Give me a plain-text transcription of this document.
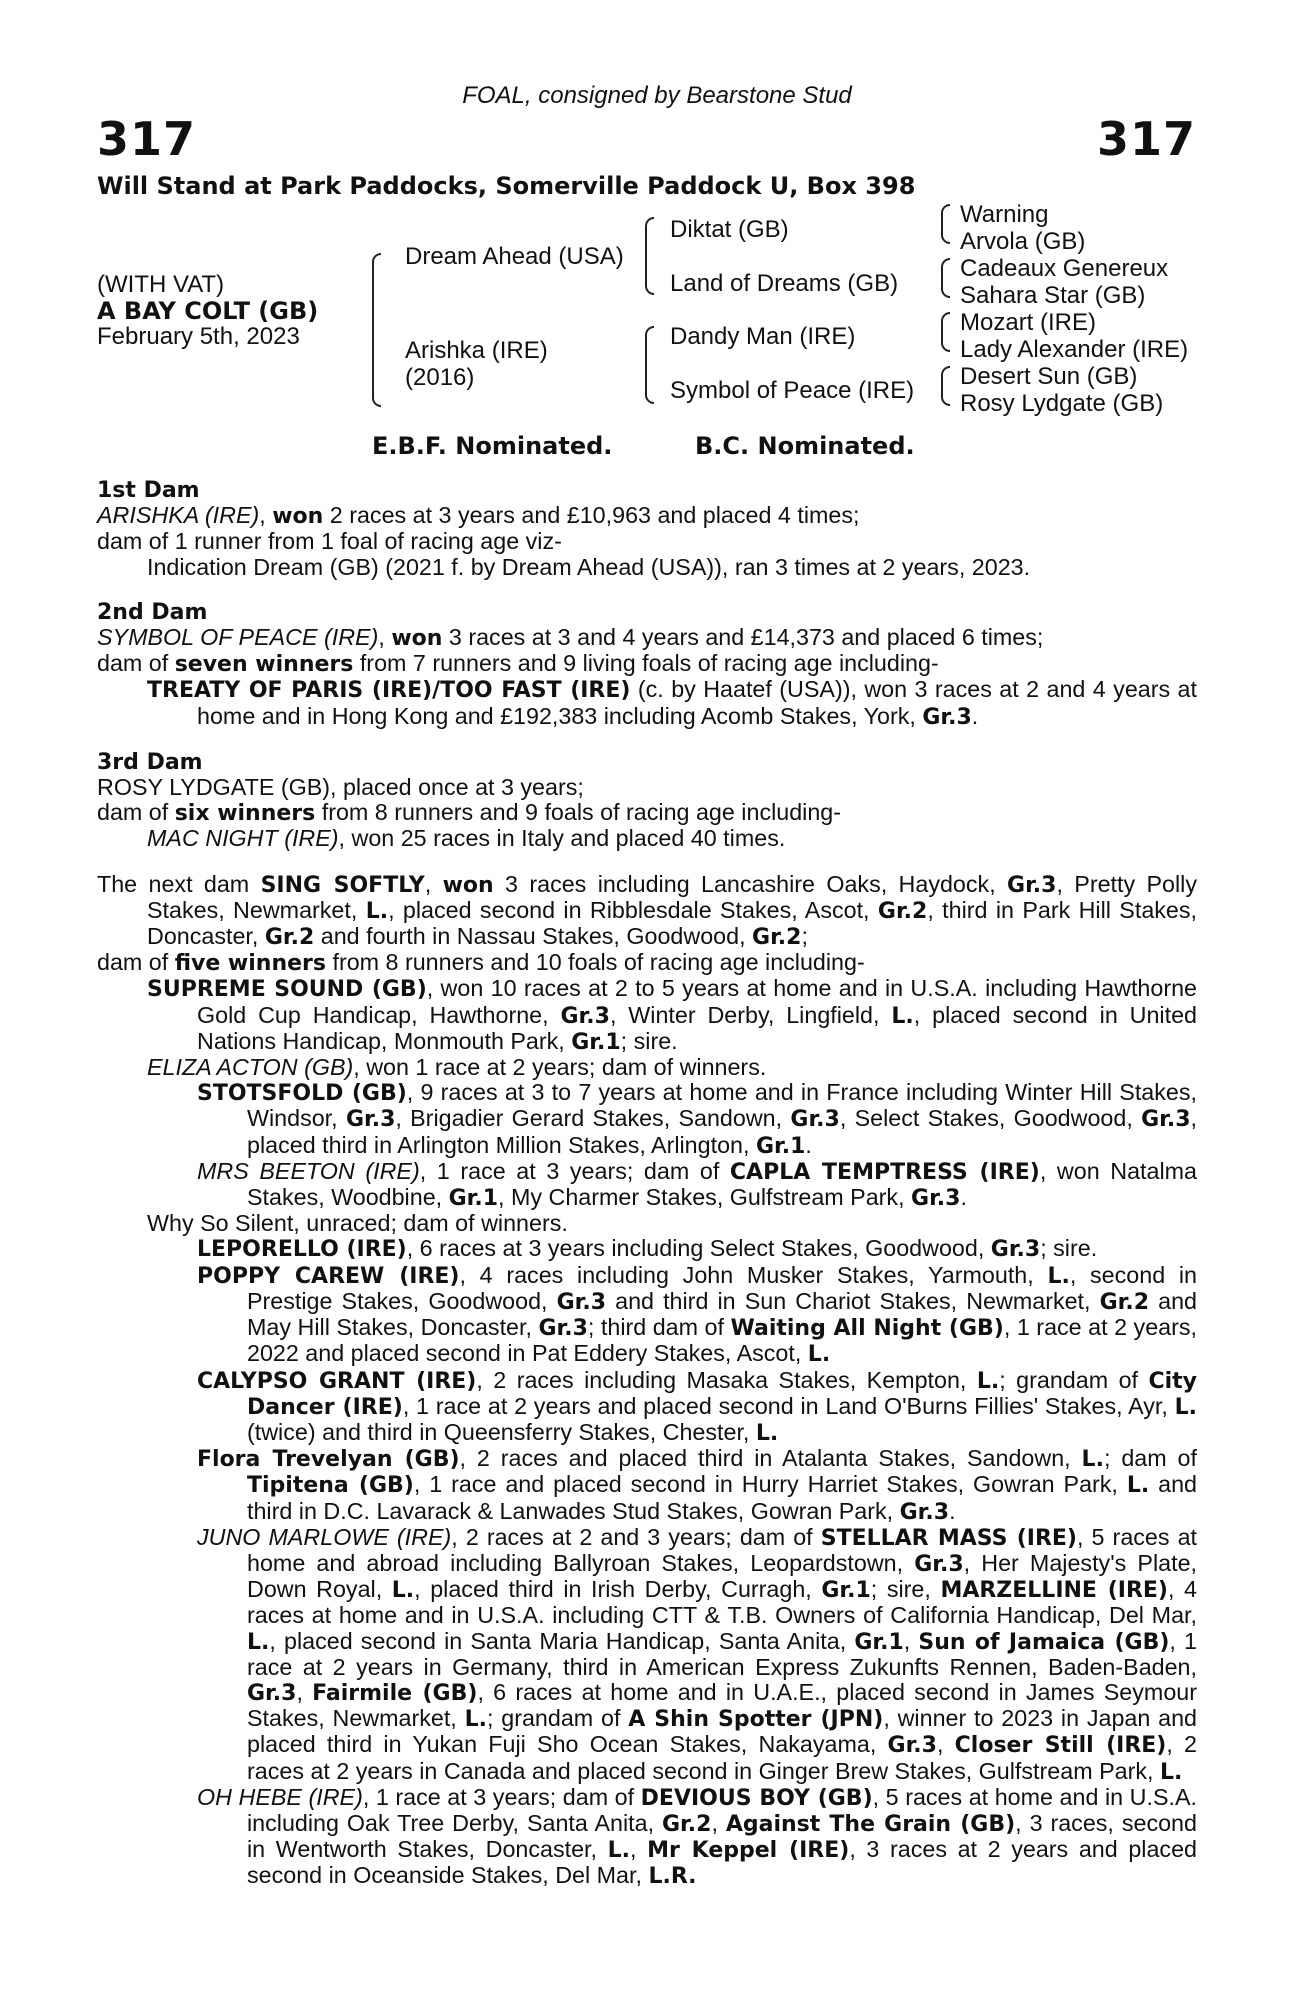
FOAL, consigned by Bearstone Stud
317	317
Will Stand at Park Paddocks, Somerville Paddock U, Box 398
(WITH VAT)
A BAY COLT (GB)
February 5th, 2023
Dream Ahead (USA)
Arishka (IRE)
(2016)
Diktat (GB)
Land of Dreams (GB)
Dandy Man (IRE)
Symbol of Peace (IRE)
Warning
Arvola (GB)
Cadeaux Genereux
Sahara Star (GB)
Mozart (IRE)
Lady Alexander (IRE)
Desert Sun (GB)
Rosy Lydgate (GB)
E.B.F. Nominated.	B.C. Nominated.

1st Dam

ARISHKA (IRE), won 2 races at 3 years and £10,963 and placed 4 times;

dam of 1 runner from 1 foal of racing age viz-

Indication Dream (GB) (2021 f. by Dream Ahead (USA)), ran 3 times at 2 years, 2023.

2nd Dam

SYMBOL OF PEACE (IRE), won 3 races at 3 and 4 years and £14,373 and placed 6 times;

dam of seven winners from 7 runners and 9 living foals of racing age including-

TREATY OF PARIS (IRE)/TOO FAST (IRE) (c. by Haatef (USA)), won 3 races at 2 and 4 years at home and in Hong Kong and £192,383 including Acomb Stakes, York, Gr.3.

3rd Dam

ROSY LYDGATE (GB), placed once at 3 years;

dam of six winners from 8 runners and 9 foals of racing age including-

MAC NIGHT (IRE), won 25 races in Italy and placed 40 times.

The next dam SING SOFTLY, won 3 races including Lancashire Oaks, Haydock, Gr.3, Pretty Polly Stakes, Newmarket, L., placed second in Ribblesdale Stakes, Ascot, Gr.2, third in Park Hill Stakes, Doncaster, Gr.2 and fourth in Nassau Stakes, Goodwood, Gr.2;

dam of five winners from 8 runners and 10 foals of racing age including-

SUPREME SOUND (GB), won 10 races at 2 to 5 years at home and in U.S.A. including Hawthorne Gold Cup Handicap, Hawthorne, Gr.3, Winter Derby, Lingfield, L., placed second in United Nations Handicap, Monmouth Park, Gr.1; sire.

ELIZA ACTON (GB), won 1 race at 2 years; dam of winners.

STOTSFOLD (GB), 9 races at 3 to 7 years at home and in France including Winter Hill Stakes, Windsor, Gr.3, Brigadier Gerard Stakes, Sandown, Gr.3, Select Stakes, Goodwood, Gr.3, placed third in Arlington Million Stakes, Arlington, Gr.1.

MRS BEETON (IRE), 1 race at 3 years; dam of CAPLA TEMPTRESS (IRE), won Natalma Stakes, Woodbine, Gr.1, My Charmer Stakes, Gulfstream Park, Gr.3.

Why So Silent, unraced; dam of winners.

LEPORELLO (IRE), 6 races at 3 years including Select Stakes, Goodwood, Gr.3; sire.

POPPY CAREW (IRE), 4 races including John Musker Stakes, Yarmouth, L., second in Prestige Stakes, Goodwood, Gr.3 and third in Sun Chariot Stakes, Newmarket, Gr.2 and May Hill Stakes, Doncaster, Gr.3; third dam of Waiting All Night (GB), 1 race at 2 years, 2022 and placed second in Pat Eddery Stakes, Ascot, L.

CALYPSO GRANT (IRE), 2 races including Masaka Stakes, Kempton, L.; grandam of City Dancer (IRE), 1 race at 2 years and placed second in Land O'Burns Fillies' Stakes, Ayr, L. (twice) and third in Queensferry Stakes, Chester, L.

Flora Trevelyan (GB), 2 races and placed third in Atalanta Stakes, Sandown, L.; dam of Tipitena (GB), 1 race and placed second in Hurry Harriet Stakes, Gowran Park, L. and third in D.C. Lavarack & Lanwades Stud Stakes, Gowran Park, Gr.3.

JUNO MARLOWE (IRE), 2 races at 2 and 3 years; dam of STELLAR MASS (IRE), 5 races at home and abroad including Ballyroan Stakes, Leopardstown, Gr.3, Her Majesty's Plate, Down Royal, L., placed third in Irish Derby, Curragh, Gr.1; sire, MARZELLINE (IRE), 4 races at home and in U.S.A. including CTT & T.B. Owners of California Handicap, Del Mar, L., placed second in Santa Maria Handicap, Santa Anita, Gr.1, Sun of Jamaica (GB), 1 race at 2 years in Germany, third in American Express Zukunfts Rennen, Baden-Baden, Gr.3, Fairmile (GB), 6 races at home and in U.A.E., placed second in James Seymour Stakes, Newmarket, L.; grandam of A Shin Spotter (JPN), winner to 2023 in Japan and placed third in Yukan Fuji Sho Ocean Stakes, Nakayama, Gr.3, Closer Still (IRE), 2 races at 2 years in Canada and placed second in Ginger Brew Stakes, Gulfstream Park, L.

OH HEBE (IRE), 1 race at 3 years; dam of DEVIOUS BOY (GB), 5 races at home and in U.S.A. including Oak Tree Derby, Santa Anita, Gr.2, Against The Grain (GB), 3 races, second in Wentworth Stakes, Doncaster, L., Mr Keppel (IRE), 3 races at 2 years and placed second in Oceanside Stakes, Del Mar, L.R.
